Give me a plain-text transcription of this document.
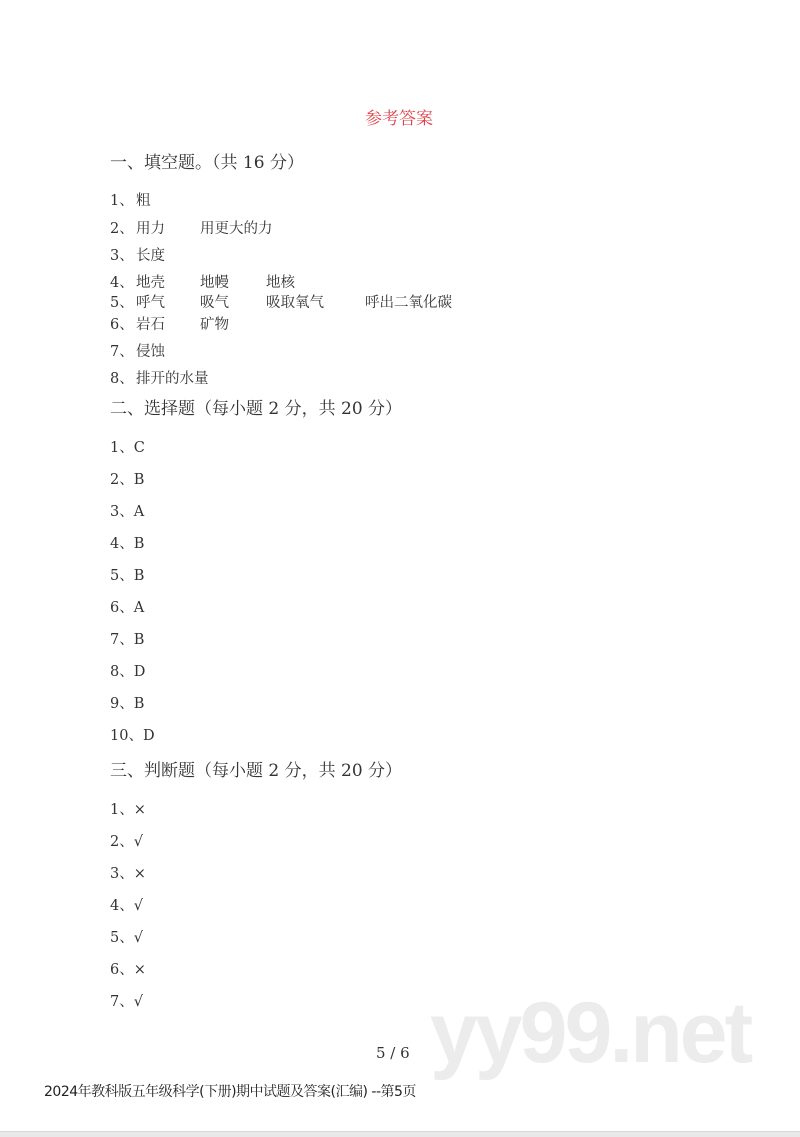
参考答案
一、填空题。（共 16 分）
1、 粗
2、 用力 用更大的力
3、 长度
4、 地壳 地幔	地核
5、 呼气 吸气	吸取氧气	呼出二氧化碳
6、 岩石 矿物
7、 侵蚀
8、 排开的水量
二、选择题（每小题 2 分，共 20 分）
1、C
2、B
3、A
4、B
5、B
6、A
7、B
8、D
9、B
10、D
三、判断题（每小题 2 分，共 20 分）
1、×
2、√
3、×
4、√
5、√
6、×
7、√	yy99.net
5 / 6
2024年教科版五年级科学(下册)期中试题及答案(汇编) --第5页
